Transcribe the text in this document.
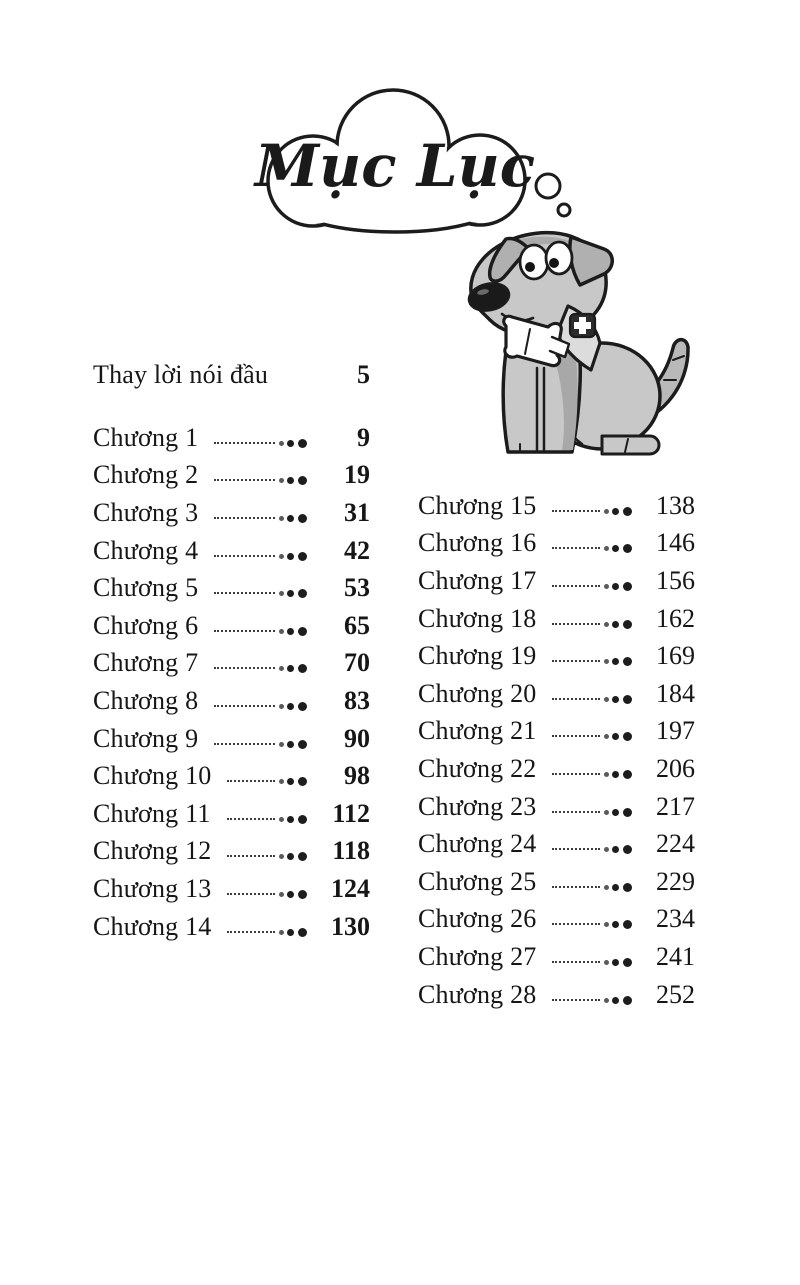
Mục Lục
Thay lời nói đầu	5
Chương 1	9
Chương 2	19
Chương 3	31
Chương 4	42
Chương 5	53
Chương 6	65
Chương 7	70
Chương 8	83
Chương 9	90
Chương 10	98
Chương 11	112
Chương 12	118
Chương 13	124
Chương 14	130
Chương 15	138
Chương 16	146
Chương 17	156
Chương 18	162
Chương 19	169
Chương 20	184
Chương 21	197
Chương 22	206
Chương 23	217
Chương 24	224
Chương 25	229
Chương 26	234
Chương 27	241
Chương 28	252
